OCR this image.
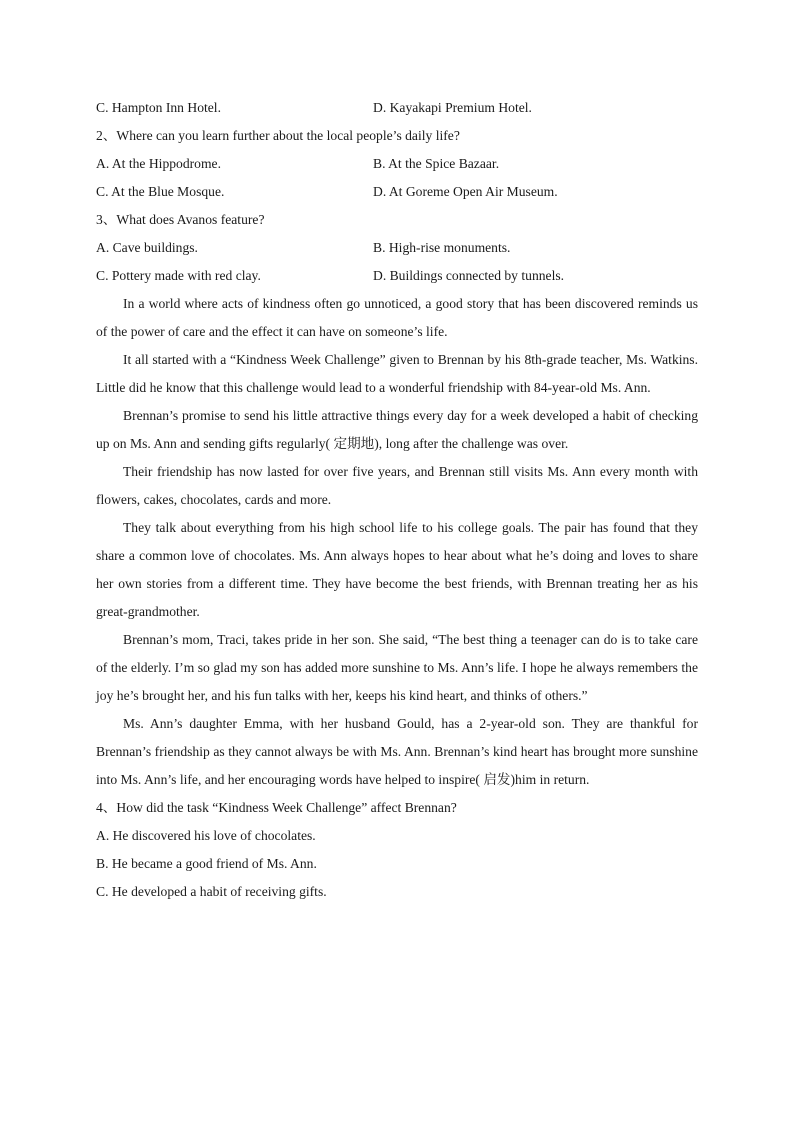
C. Hampton Inn Hotel.	D. Kayakapi Premium Hotel.
2、Where can you learn further about the local people’s daily life?
A. At the Hippodrome.	B. At the Spice Bazaar.
C. At the Blue Mosque.	D. At Goreme Open Air Museum.
3、What does Avanos feature?
A. Cave buildings.	B. High-rise monuments.
C. Pottery made with red clay.	D. Buildings connected by tunnels.

In a world where acts of kindness often go unnoticed, a good story that has been discovered reminds us of the power of care and the effect it can have on someone’s life.

It all started with a “Kindness Week Challenge” given to Brennan by his 8th-grade teacher, Ms. Watkins. Little did he know that this challenge would lead to a wonderful friendship with 84-year-old Ms. Ann.

Brennan’s promise to send his little attractive things every day for a week developed a habit of checking up on Ms. Ann and sending gifts regularly( 定期地), long after the challenge was over.

Their friendship has now lasted for over five years, and Brennan still visits Ms. Ann every month with flowers, cakes, chocolates, cards and more.

They talk about everything from his high school life to his college goals. The pair has found that they share a common love of chocolates. Ms. Ann always hopes to hear about what he’s doing and loves to share her own stories from a different time. They have become the best friends, with Brennan treating her as his great-grandmother.

Brennan’s mom, Traci, takes pride in her son. She said, “The best thing a teenager can do is to take care of the elderly. I’m so glad my son has added more sunshine to Ms. Ann’s life. I hope he always remembers the joy he’s brought her, and his fun talks with her, keeps his kind heart, and thinks of others.”

Ms. Ann’s daughter Emma, with her husband Gould, has a 2-year-old son. They are thankful for Brennan’s friendship as they cannot always be with Ms. Ann. Brennan’s kind heart has brought more sunshine into Ms. Ann’s life, and her encouraging words have helped to inspire( 启发)him in return.

4、How did the task “Kindness Week Challenge” affect Brennan?
A. He discovered his love of chocolates.
B. He became a good friend of Ms. Ann.
C. He developed a habit of receiving gifts.
